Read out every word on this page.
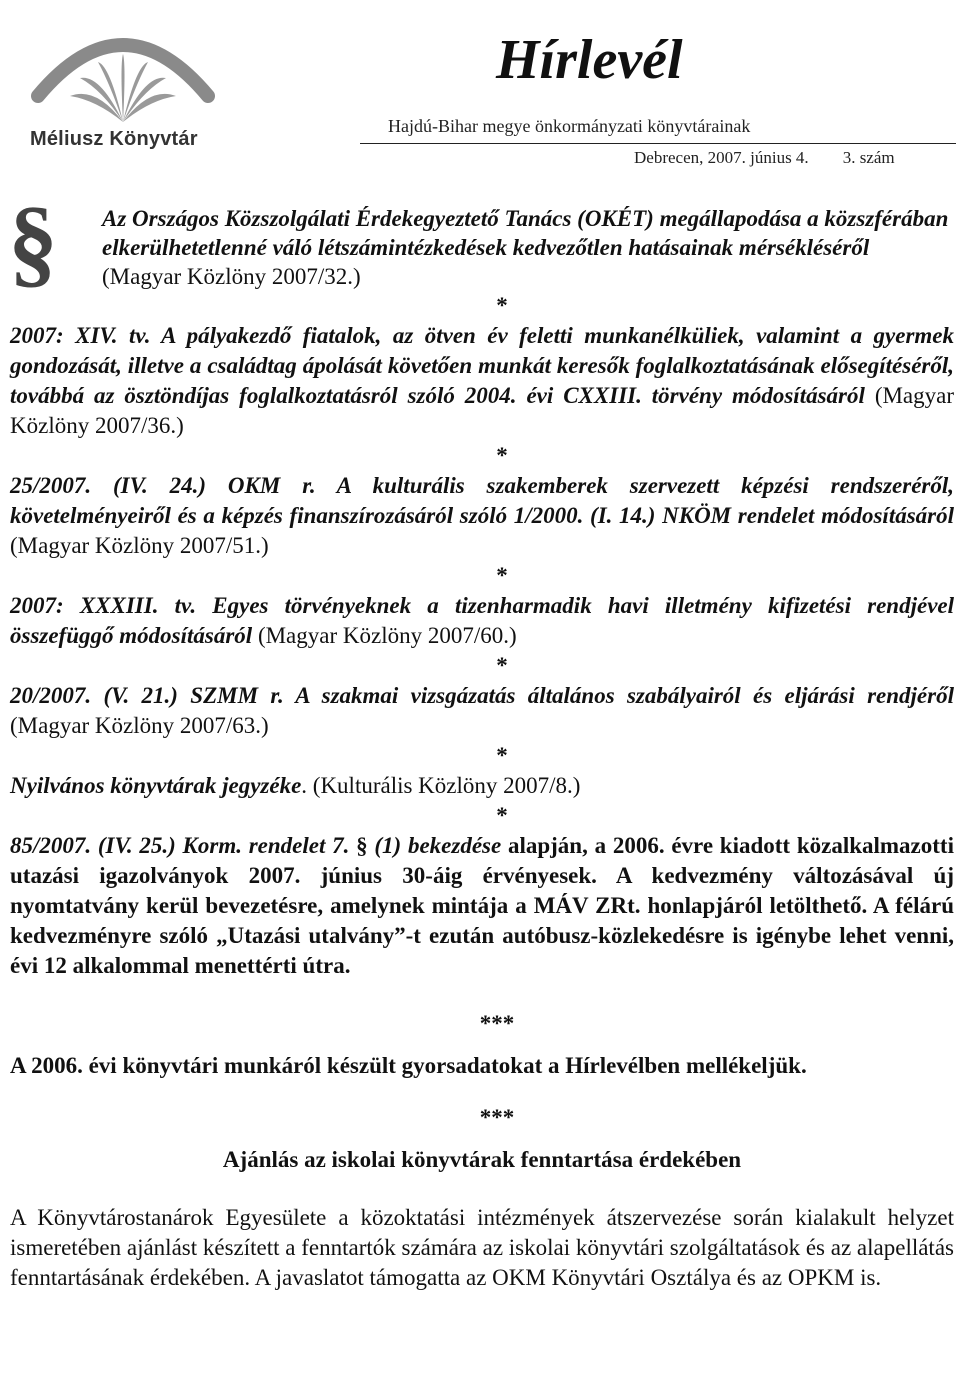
Méliusz Könyvtár
Hírlevél
Hajdú-Bihar megye önkormányzati könyvtárainak
Debrecen, 2007. június 4. 3. szám
§ Az Országos Közszolgálati Érdekegyeztető Tanács (OKÉT) megállapodása a közszférában elkerülhetetlenné váló létszámintézkedések kedvezőtlen hatásainak mérsékléséről (Magyar Közlöny 2007/32.)
*
2007: XIV. tv. A pályakezdő fiatalok, az ötven év feletti munkanélküliek, valamint a gyermek gondozását, illetve a családtag ápolását követően munkát keresők foglalkoztatásának elősegítéséről, továbbá az ösztöndíjas foglalkoztatásról szóló 2004. évi CXXIII. törvény módosításáról (Magyar Közlöny 2007/36.)
*
25/2007. (IV. 24.) OKM r. A kulturális szakemberek szervezett képzési rendszeréről, követelményeiről és a képzés finanszírozásáról szóló 1/2000. (I. 14.) NKÖM rendelet módosításáról (Magyar Közlöny 2007/51.)
*
2007: XXXIII. tv. Egyes törvényeknek a tizenharmadik havi illetmény kifizetési rendjével összefüggő módosításáról (Magyar Közlöny 2007/60.)
*
20/2007. (V. 21.) SZMM r. A szakmai vizsgázatás általános szabályairól és eljárási rendjéről (Magyar Közlöny 2007/63.)
*
Nyilvános könyvtárak jegyzéke. (Kulturális Közlöny 2007/8.)
*
85/2007. (IV. 25.) Korm. rendelet 7. § (1) bekezdése alapján, a 2006. évre kiadott közalkalmazotti utazási igazolványok 2007. június 30-áig érvényesek. A kedvezmény változásával új nyomtatvány kerül bevezetésre, amelynek mintája a MÁV ZRt. honlapjáról letölthető. A félárú kedvezményre szóló „Utazási utalvány”-t ezután autóbusz-közlekedésre is igénybe lehet venni, évi 12 alkalommal menettérti útra.
***
A 2006. évi könyvtári munkáról készült gyorsadatokat a Hírlevélben mellékeljük.
***
Ajánlás az iskolai könyvtárak fenntartása érdekében
A Könyvtárostanárok Egyesülete a közoktatási intézmények átszervezése során kialakult helyzet ismeretében ajánlást készített a fenntartók számára az iskolai könyvtári szolgáltatások és az alapellátás fenntartásának érdekében. A javaslatot támogatta az OKM Könyvtári Osztálya és az OPKM is.
